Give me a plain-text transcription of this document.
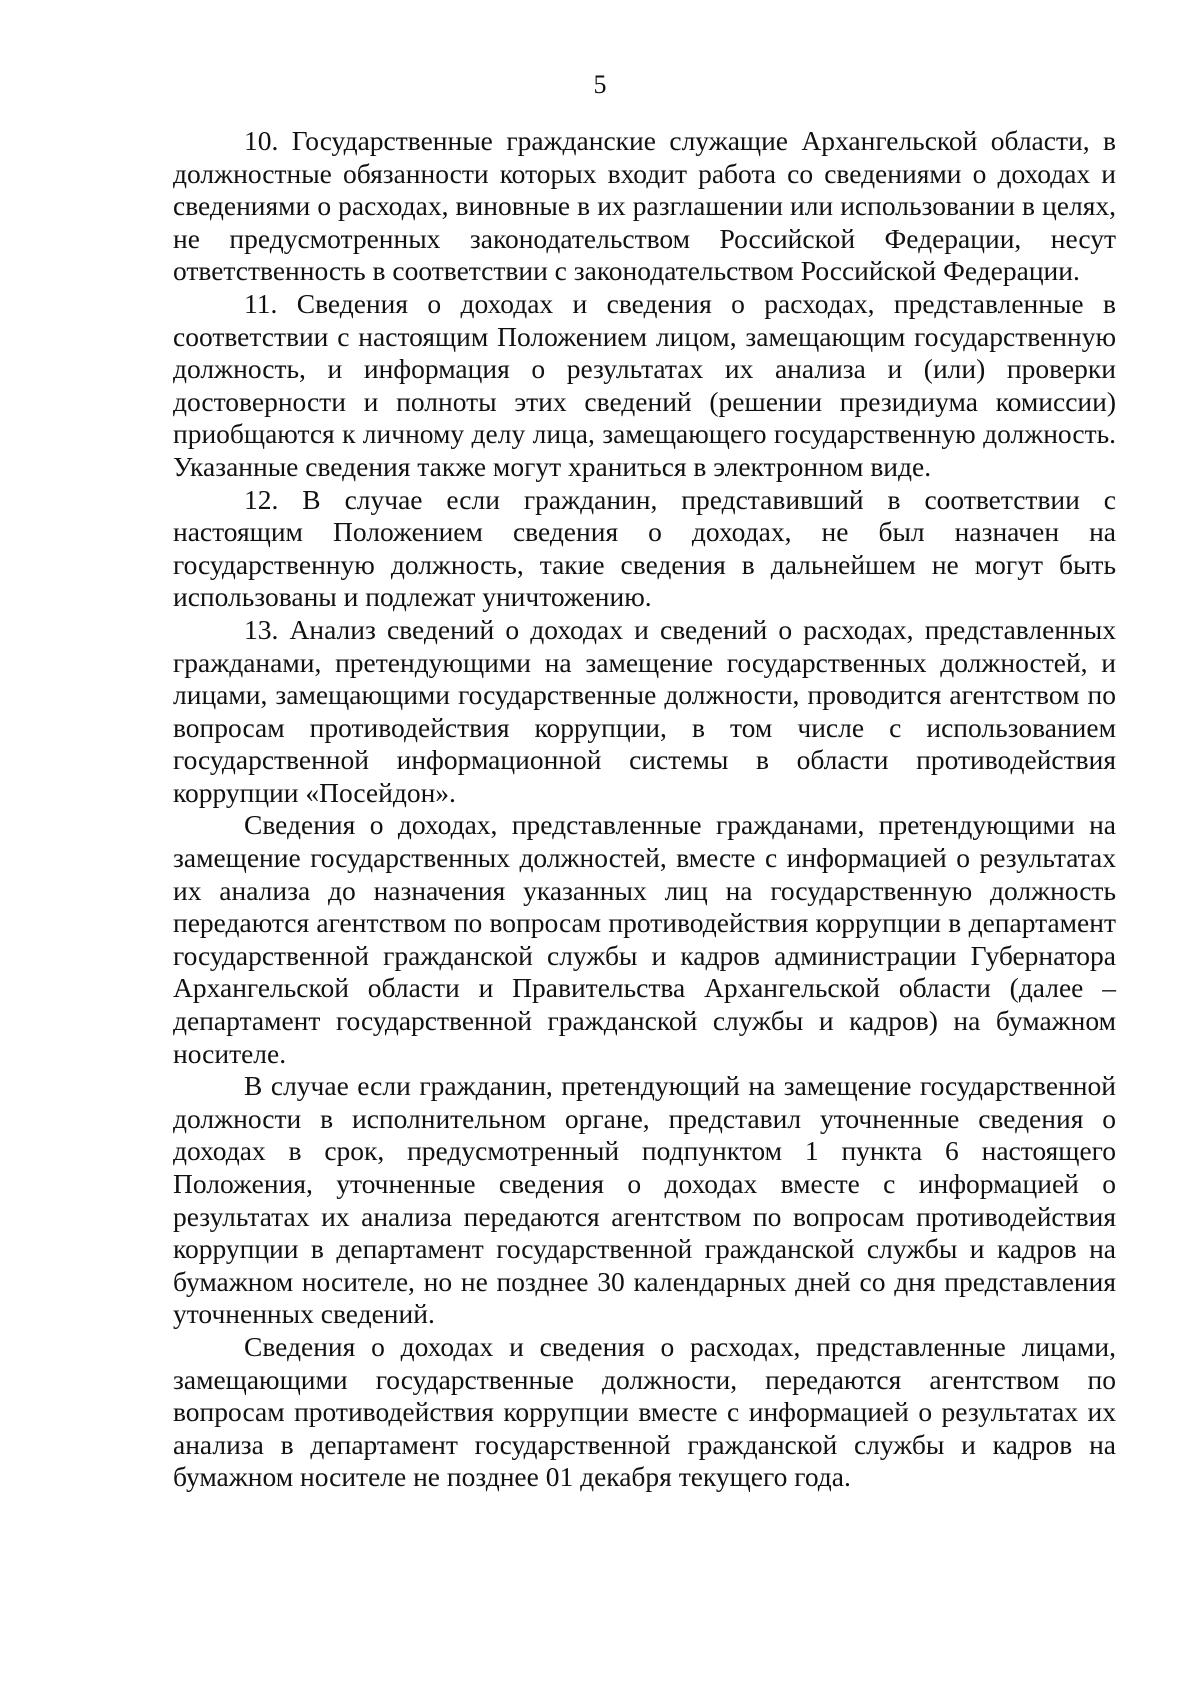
5

10. Государственные гражданские служащие Архангельской области, в должностные обязанности которых входит работа со сведениями о доходах и сведениями о расходах, виновные в их разглашении или использовании в целях, не предусмотренных законодательством Российской Федерации, несут ответственность в соответствии с законодательством Российской Федерации.

11. Сведения о доходах и сведения о расходах, представленные в соответствии с настоящим Положением лицом, замещающим государственную должность, и информация о результатах их анализа и (или) проверки достоверности и полноты этих сведений (решении президиума комиссии) приобщаются к личному делу лица, замещающего государственную должность. Указанные сведения также могут храниться в электронном виде.

12. В случае если гражданин, представивший в соответствии с настоящим Положением сведения о доходах, не был назначен на государственную должность, такие сведения в дальнейшем не могут быть использованы и подлежат уничтожению.

13. Анализ сведений о доходах и сведений о расходах, представленных гражданами, претендующими на замещение государственных должностей, и лицами, замещающими государственные должности, проводится агентством по вопросам противодействия коррупции, в том числе с использованием государственной информационной системы в области противодействия коррупции «Посейдон».

Сведения о доходах, представленные гражданами, претендующими на замещение государственных должностей, вместе с информацией о результатах их анализа до назначения указанных лиц на государственную должность передаются агентством по вопросам противодействия коррупции в департамент государственной гражданской службы и кадров администрации Губернатора Архангельской области и Правительства Архангельской области (далее – департамент государственной гражданской службы и кадров) на бумажном носителе.

В случае если гражданин, претендующий на замещение государственной должности в исполнительном органе, представил уточненные сведения о доходах в срок, предусмотренный подпунктом 1 пункта 6 настоящего Положения, уточненные сведения о доходах вместе с информацией о результатах их анализа передаются агентством по вопросам противодействия коррупции в департамент государственной гражданской службы и кадров на бумажном носителе, но не позднее 30 календарных дней со дня представления уточненных сведений.

Сведения о доходах и сведения о расходах, представленные лицами, замещающими государственные должности, передаются агентством по вопросам противодействия коррупции вместе с информацией о результатах их анализа в департамент государственной гражданской службы и кадров на бумажном носителе не позднее 01 декабря текущего года.
